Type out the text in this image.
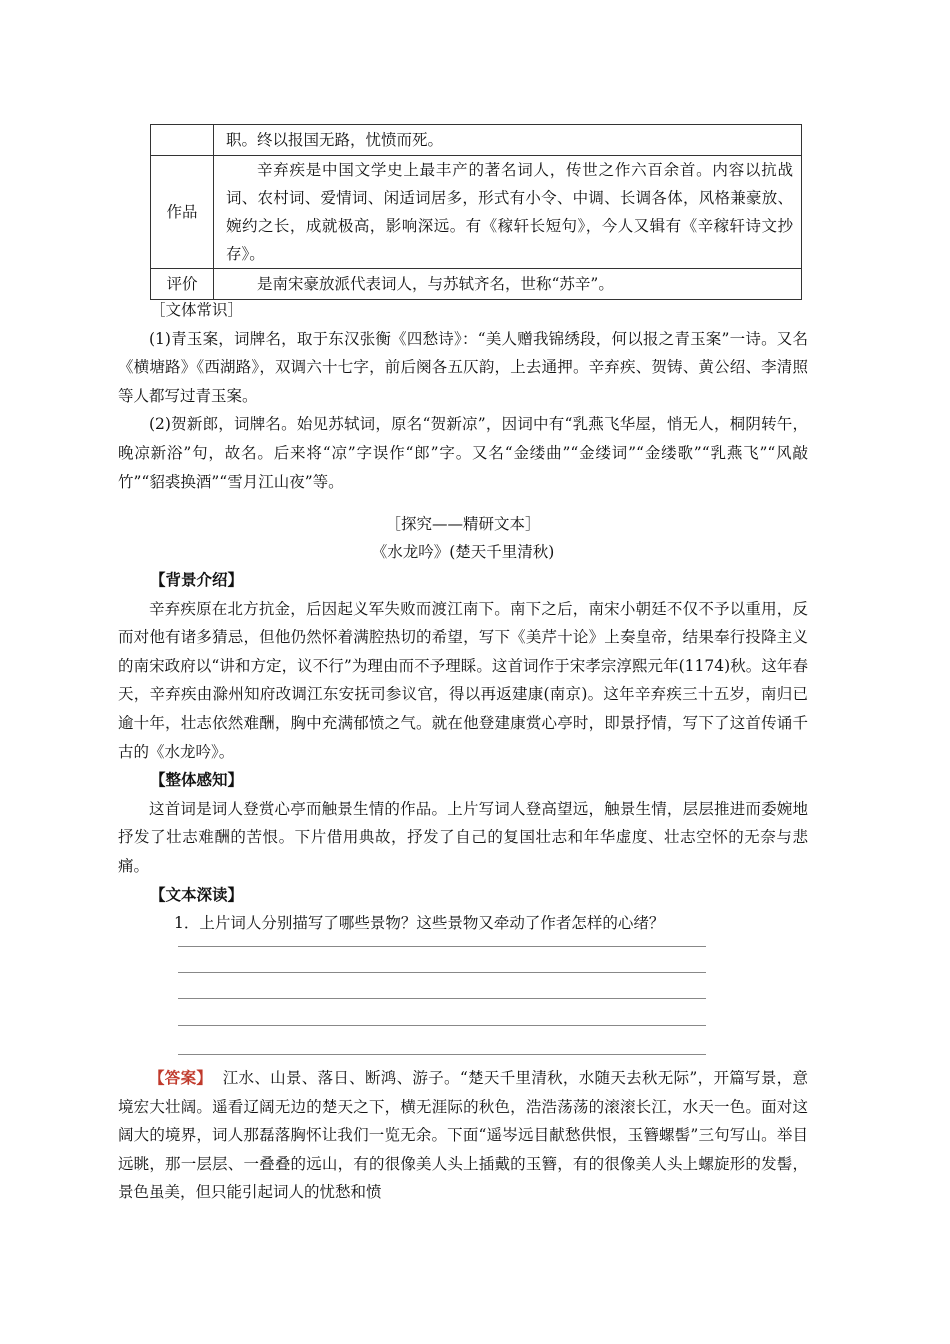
	职。终以报国无路，忧愤而死。
作品	辛弃疾是中国文学史上最丰产的著名词人，传世之作六百余首。内容以抗战词、农村词、爱情词、闲适词居多，形式有小令、中调、长调各体，风格兼豪放、婉约之长，成就极高，影响深远。有《稼轩长短句》，今人又辑有《辛稼轩诗文抄存》。
评价	是南宋豪放派代表词人，与苏轼齐名，世称“苏辛”。

［文体常识］

(1)青玉案，词牌名，取于东汉张衡《四愁诗》：“美人赠我锦绣段，何以报之青玉案”一诗。又名《横塘路》《西湖路》，双调六十七字，前后阕各五仄韵，上去通押。辛弃疾、贺铸、黄公绍、李清照等人都写过青玉案。

(2)贺新郎，词牌名。始见苏轼词，原名“贺新凉”，因词中有“乳燕飞华屋，悄无人，桐阴转午，晚凉新浴”句，故名。后来将“凉”字误作“郎”字。又名“金缕曲”“金缕词”“金缕歌”“乳燕飞”“风敲竹”“貂裘换酒”“雪月江山夜”等。

［探究——精研文本］
《水龙吟》(楚天千里清秋)

【背景介绍】

辛弃疾原在北方抗金，后因起义军失败而渡江南下。南下之后，南宋小朝廷不仅不予以重用，反而对他有诸多猜忌，但他仍然怀着满腔热切的希望，写下《美芹十论》上奏皇帝，结果奉行投降主义的南宋政府以“讲和方定，议不行”为理由而不予理睬。这首词作于宋孝宗淳熙元年(1174)秋。这年春天，辛弃疾由滁州知府改调江东安抚司参议官，得以再返建康(南京)。这年辛弃疾三十五岁，南归已逾十年，壮志依然难酬，胸中充满郁愤之气。就在他登建康赏心亭时，即景抒情，写下了这首传诵千古的《水龙吟》。

【整体感知】

这首词是词人登赏心亭而触景生情的作品。上片写词人登高望远，触景生情，层层推进而委婉地抒发了壮志难酬的苦恨。下片借用典故，抒发了自己的复国壮志和年华虚度、壮志空怀的无奈与悲痛。

【文本深读】

1．上片词人分别描写了哪些景物？这些景物又牵动了作者怎样的心绪？

【答案】 江水、山景、落日、断鸿、游子。“楚天千里清秋，水随天去秋无际”，开篇写景，意境宏大壮阔。遥看辽阔无边的楚天之下，横无涯际的秋色，浩浩荡荡的滚滚长江，水天一色。面对这阔大的境界，词人那磊落胸怀让我们一览无余。下面“遥岑远目献愁供恨，玉簪螺髻”三句写山。举目远眺，那一层层、一叠叠的远山，有的很像美人头上插戴的玉簪，有的很像美人头上螺旋形的发髻，景色虽美，但只能引起词人的忧愁和愤
